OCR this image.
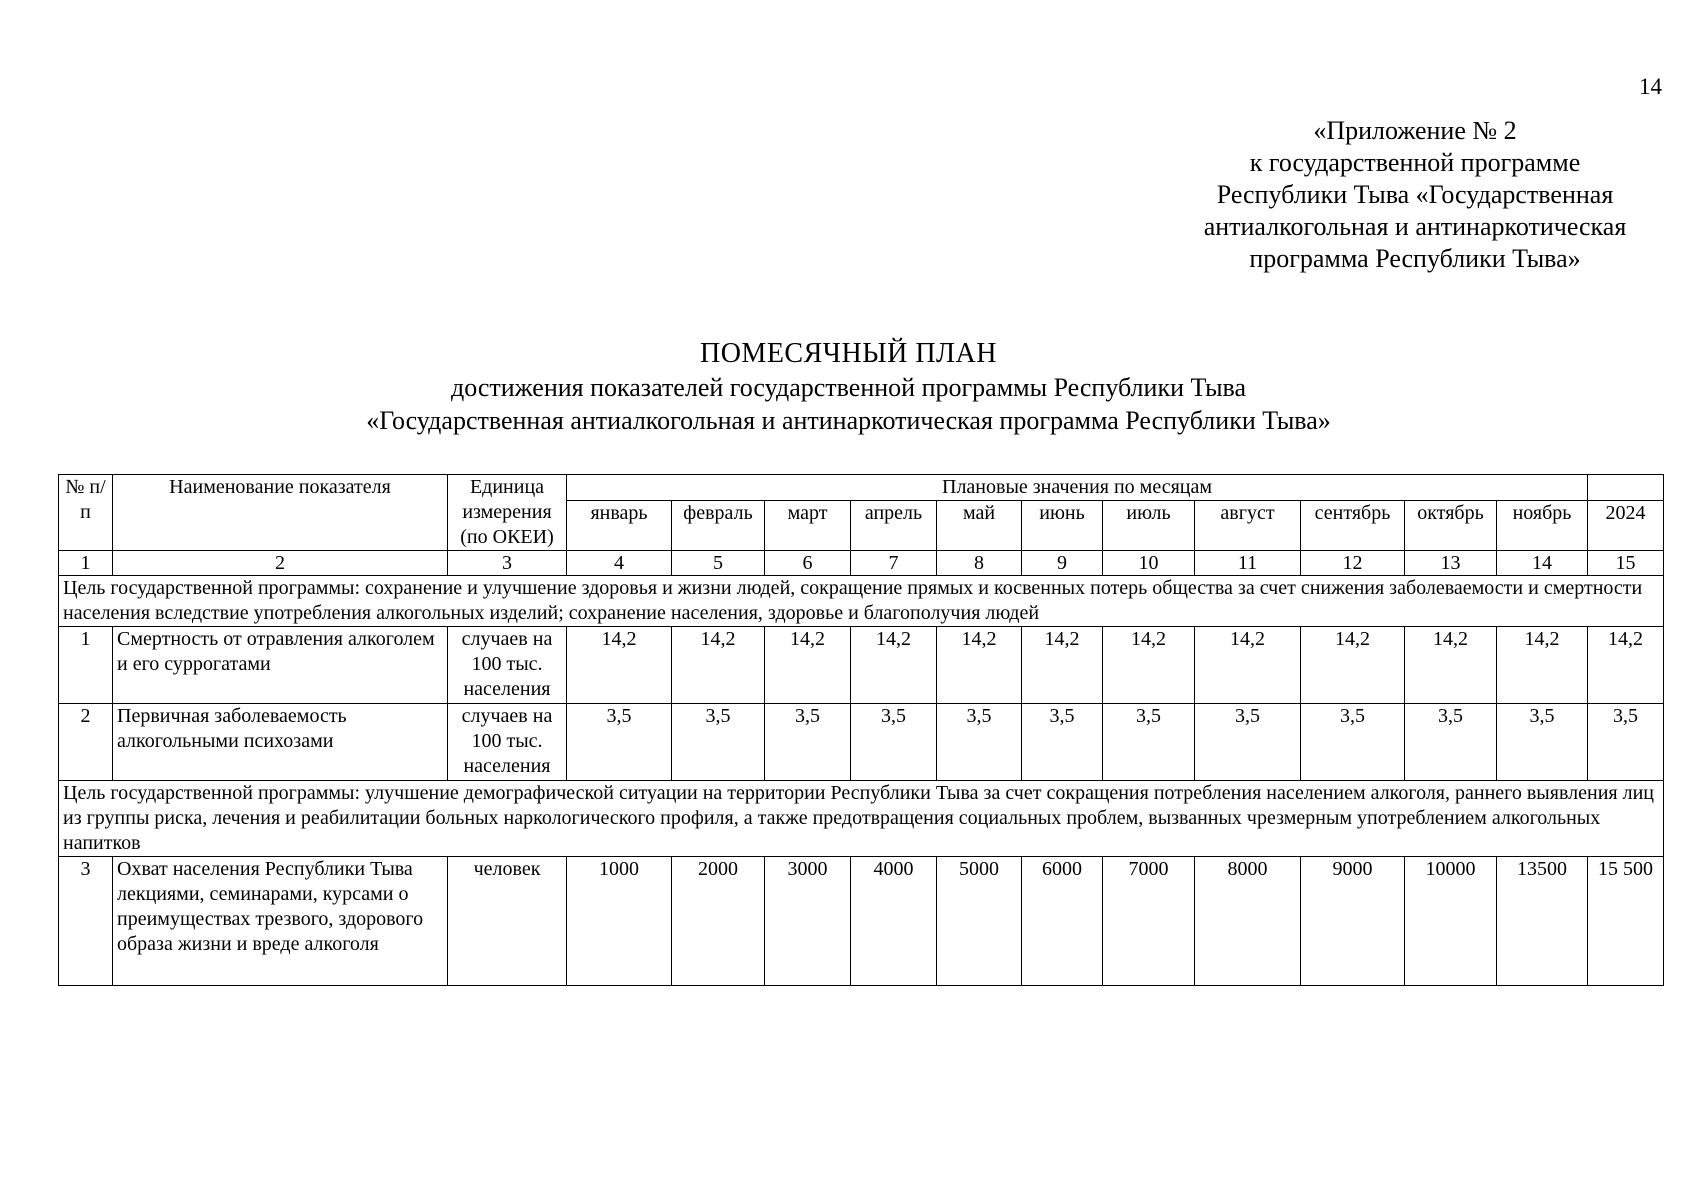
14
«Приложение № 2
к государственной программе
Республики Тыва «Государственная
антиалкогольная и антинаркотическая
программа Республики Тыва»
ПОМЕСЯЧНЫЙ ПЛАН
достижения показателей государственной программы Республики Тыва
«Государственная антиалкогольная и антинаркотическая программа Республики Тыва»
№ п/п	Наименование показателя	Единица измерения (по ОКЕИ)	Плановые значения по месяцам											
			январь	февраль	март	апрель	май	июнь	июль	август	сентябрь	октябрь	ноябрь	2024
1	2	3	4	5	6	7	8	9	10	11	12	13	14	15
Цель государственной программы: сохранение и улучшение здоровья и жизни людей, сокращение прямых и косвенных потерь общества за счет снижения заболеваемости и смертности населения вследствие употребления алкогольных изделий; сохранение населения, здоровье и благополучия людей														
1	Смертность от отравления алкоголем и его суррогатами	случаев на 100 тыс. населения	14,2	14,2	14,2	14,2	14,2	14,2	14,2	14,2	14,2	14,2	14,2	14,2
2	Первичная заболеваемость алкогольными психозами	случаев на 100 тыс. населения	3,5	3,5	3,5	3,5	3,5	3,5	3,5	3,5	3,5	3,5	3,5	3,5
Цель государственной программы: улучшение демографической ситуации на территории Республики Тыва за счет сокращения потребления населением алкоголя, раннего выявления лиц из группы риска, лечения и реабилитации больных наркологического профиля, а также предотвращения социальных проблем, вызванных чрезмерным употреблением алкогольных напитков														
3	Охват населения Республики Тыва лекциями, семинарами, курсами о преимуществах трезвого, здорового образа жизни и вреде алкоголя	человек	1000	2000	3000	4000	5000	6000	7000	8000	9000	10000	13500	15 500
